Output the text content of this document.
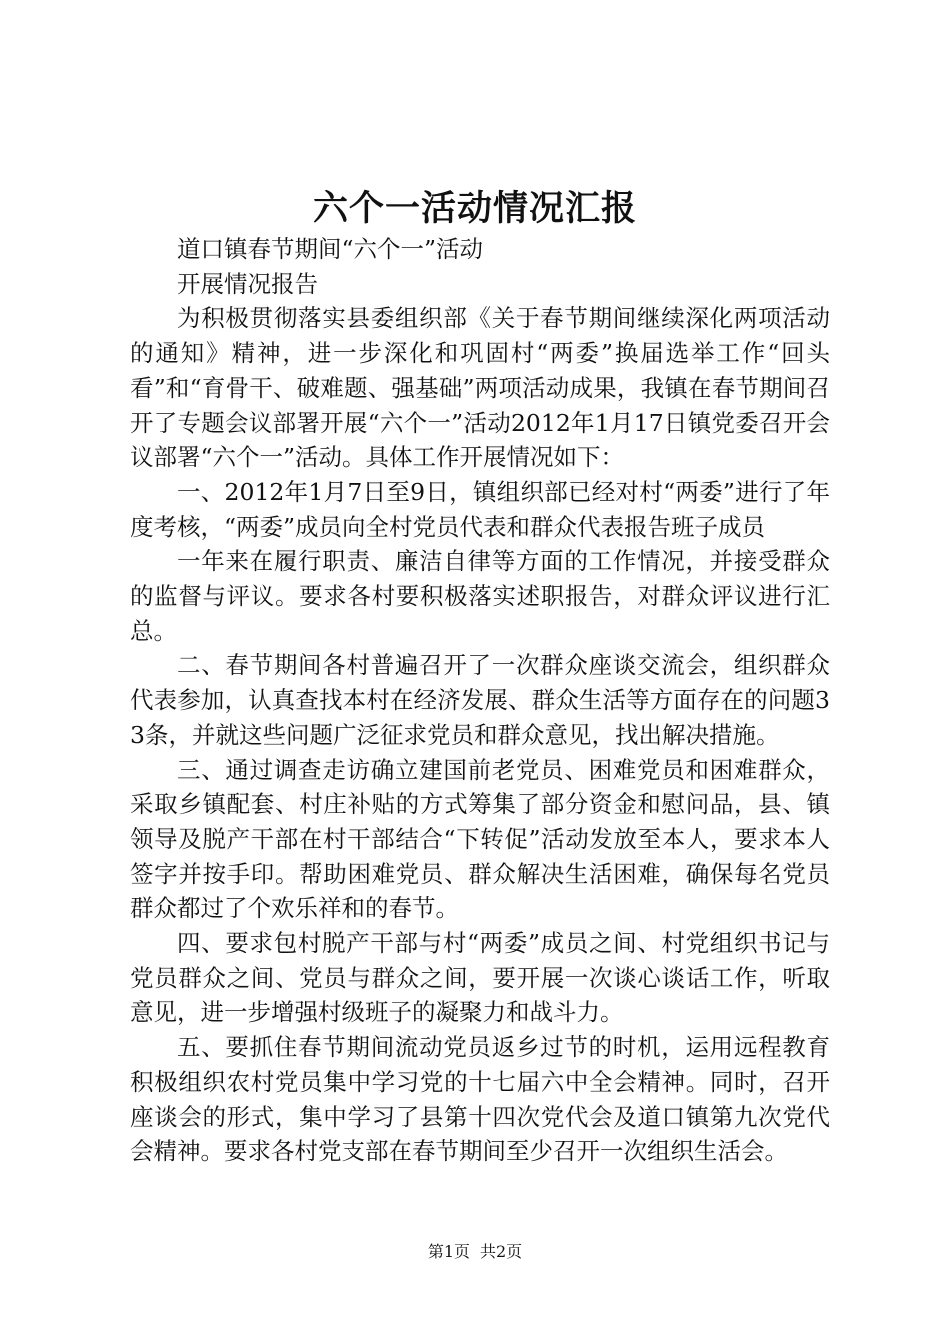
六个一活动情况汇报

道口镇春节期间“六个一”活动

开展情况报告

为积极贯彻落实县委组织部《关于春节期间继续深化两项活动的通知》精神，进一步深化和巩固村“两委”换届选举工作“回头看”和“育骨干、破难题、强基础”两项活动成果，我镇在春节期间召开了专题会议部署开展“六个一”活动2012年1月17日镇党委召开会议部署“六个一”活动。具体工作开展情况如下：

一、2012年1月7日至9日，镇组织部已经对村“两委”进行了年度考核，“两委”成员向全村党员代表和群众代表报告班子成员

一年来在履行职责、廉洁自律等方面的工作情况，并接受群众的监督与评议。要求各村要积极落实述职报告，对群众评议进行汇总。

二、春节期间各村普遍召开了一次群众座谈交流会，组织群众代表参加，认真查找本村在经济发展、群众生活等方面存在的问题33条，并就这些问题广泛征求党员和群众意见，找出解决措施。

三、通过调查走访确立建国前老党员、困难党员和困难群众，采取乡镇配套、村庄补贴的方式筹集了部分资金和慰问品，县、镇领导及脱产干部在村干部结合“下转促”活动发放至本人，要求本人签字并按手印。帮助困难党员、群众解决生活困难，确保每名党员群众都过了个欢乐祥和的春节。

四、要求包村脱产干部与村“两委”成员之间、村党组织书记与党员群众之间、党员与群众之间，要开展一次谈心谈话工作，听取意见，进一步增强村级班子的凝聚力和战斗力。

五、要抓住春节期间流动党员返乡过节的时机，运用远程教育积极组织农村党员集中学习党的十七届六中全会精神。同时，召开座谈会的形式，集中学习了县第十四次党代会及道口镇第九次党代会精神。要求各村党支部在春节期间至少召开一次组织生活会。

第1页 共2页
